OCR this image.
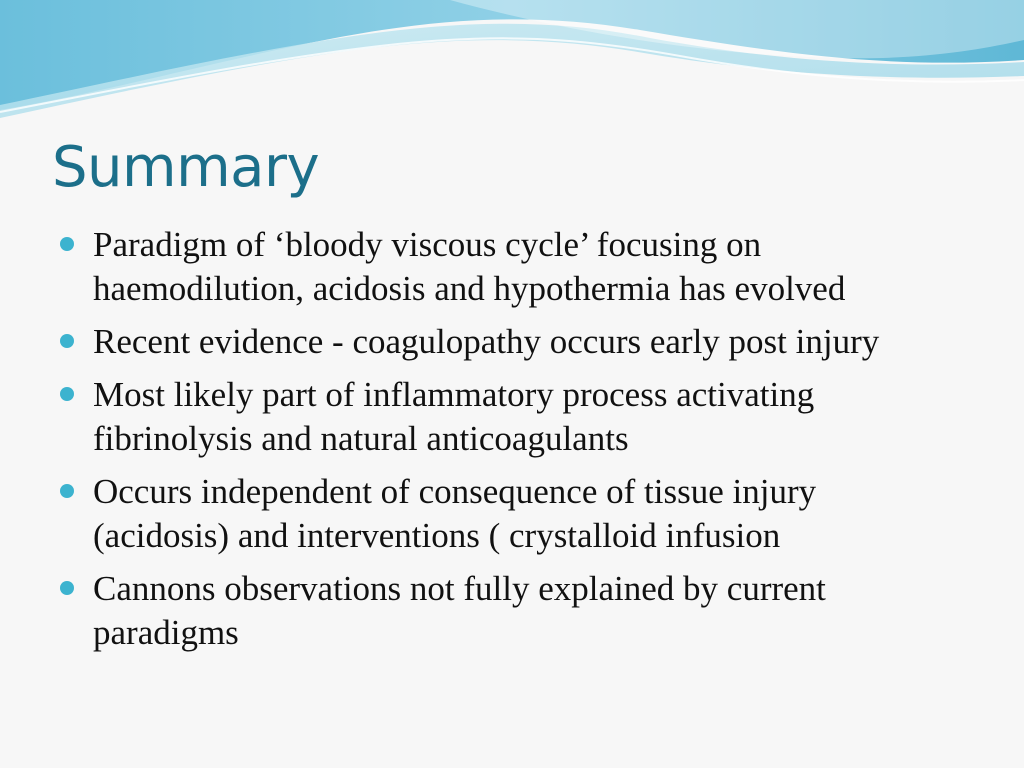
Summary
Paradigm of ‘bloody viscous cycle’ focusing on haemodilution, acidosis and hypothermia has evolved
Recent evidence - coagulopathy occurs early post injury
Most likely part of inflammatory process activating fibrinolysis and natural anticoagulants
Occurs independent of consequence of tissue injury (acidosis) and interventions ( crystalloid infusion
Cannons observations not fully explained by current paradigms
